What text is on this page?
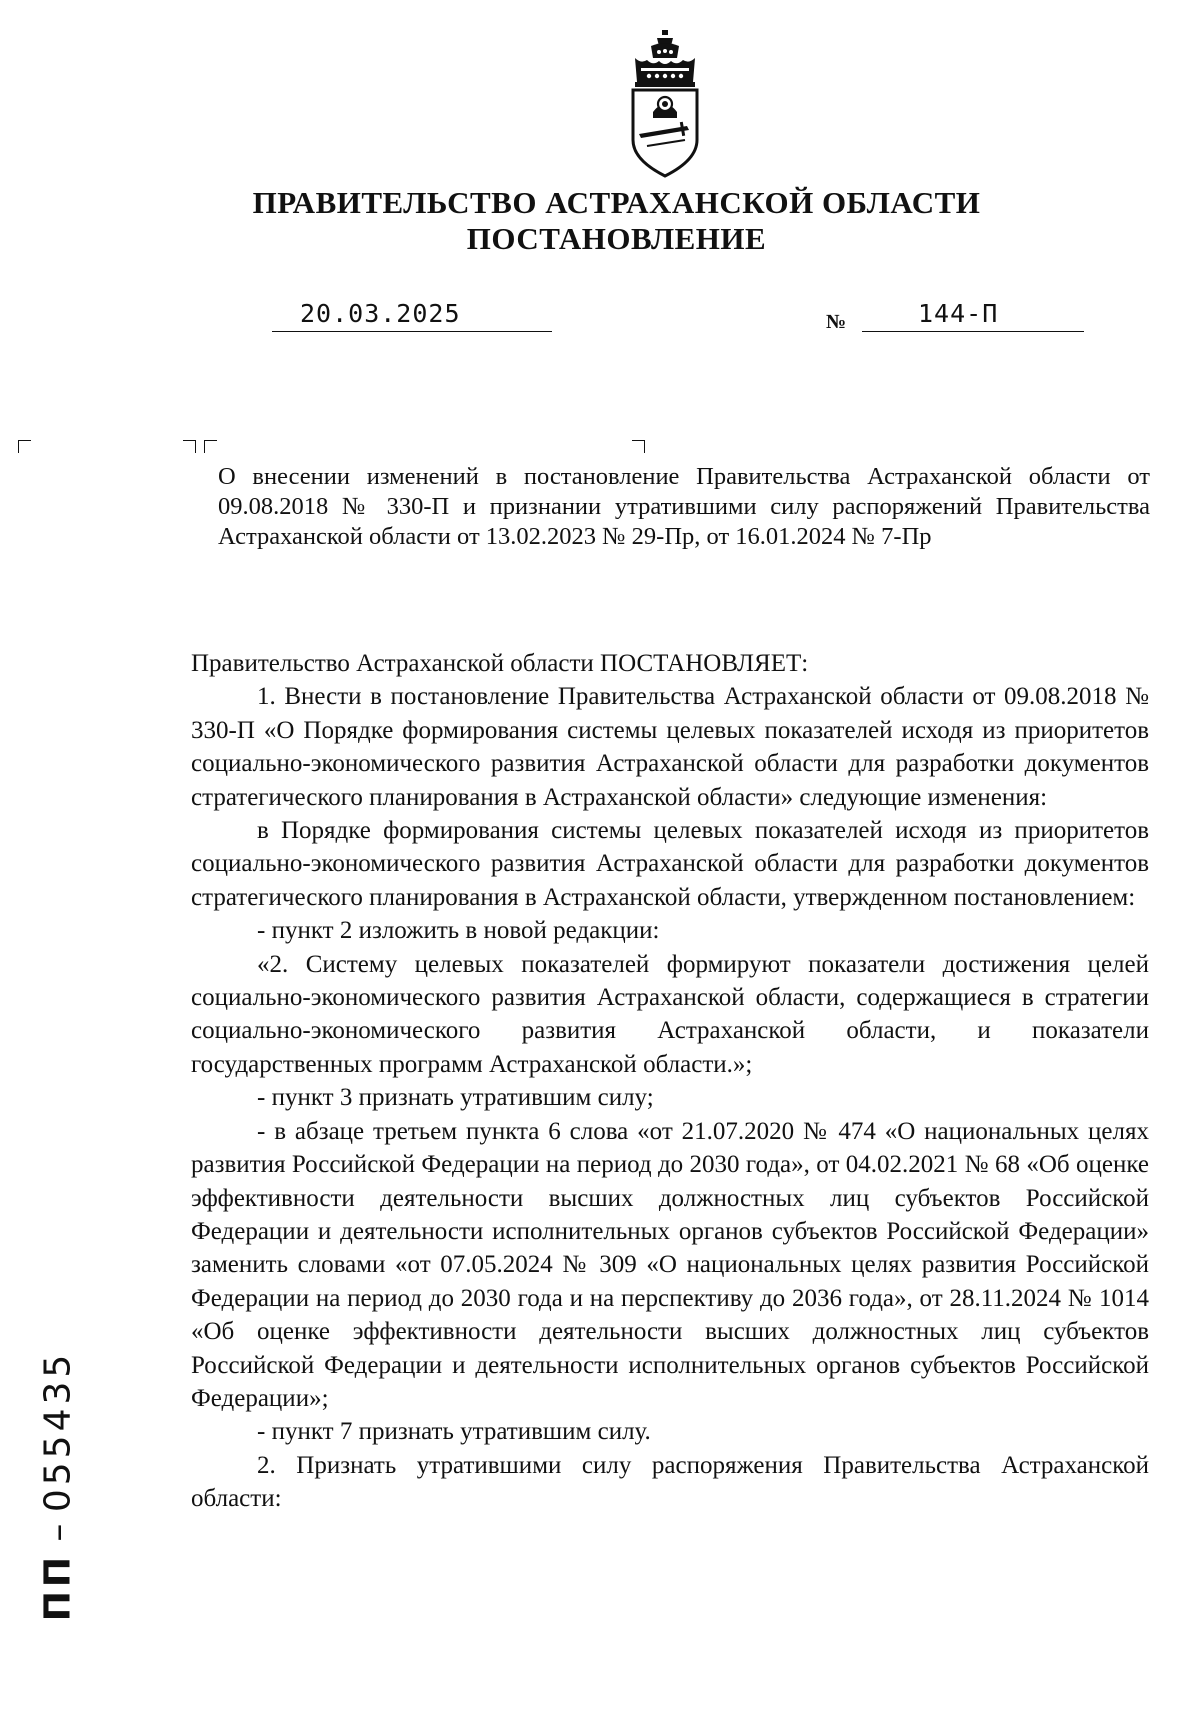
ПРАВИТЕЛЬСТВО АСТРАХАНСКОЙ ОБЛАСТИ
ПОСТАНОВЛЕНИЕ
20.03.2025	№	144-П
О внесении изменений в постановление Правительства Астраханской области от 09.08.2018 № 330-П и признании утратившими силу распоряжений Правительства Астраханской области от 13.02.2023 № 29-Пр, от 16.01.2024 № 7-Пр

Правительство Астраханской области ПОСТАНОВЛЯЕТ:

1. Внести в постановление Правительства Астраханской области от 09.08.2018 № 330-П «О Порядке формирования системы целевых показателей исходя из приоритетов социально-экономического развития Астраханской области для разработки документов стратегического планирования в Астраханской области» следующие изменения:

в Порядке формирования системы целевых показателей исходя из приоритетов социально-экономического развития Астраханской области для разработки документов стратегического планирования в Астраханской области, утвержденном постановлением:

- пункт 2 изложить в новой редакции:

«2. Систему целевых показателей формируют показатели достижения целей социально-экономического развития Астраханской области, содержащиеся в стратегии социально-экономического развития Астраханской области, и показатели государственных программ Астраханской области.»;

- пункт 3 признать утратившим силу;

- в абзаце третьем пункта 6 слова «от 21.07.2020 № 474 «О национальных целях развития Российской Федерации на период до 2030 года», от 04.02.2021 № 68 «Об оценке эффективности деятельности высших должностных лиц субъектов Российской Федерации и деятельности исполнительных органов субъектов Российской Федерации» заменить словами «от 07.05.2024 № 309 «О национальных целях развития Российской Федерации на период до 2030 года и на перспективу до 2036 года», от 28.11.2024 № 1014 «Об оценке эффективности деятельности высших должностных лиц субъектов Российской Федерации и деятельности исполнительных органов субъектов Российской Федерации»;

- пункт 7 признать утратившим силу.

2. Признать утратившими силу распоряжения Правительства Астраханской области:

ПП – 055435
